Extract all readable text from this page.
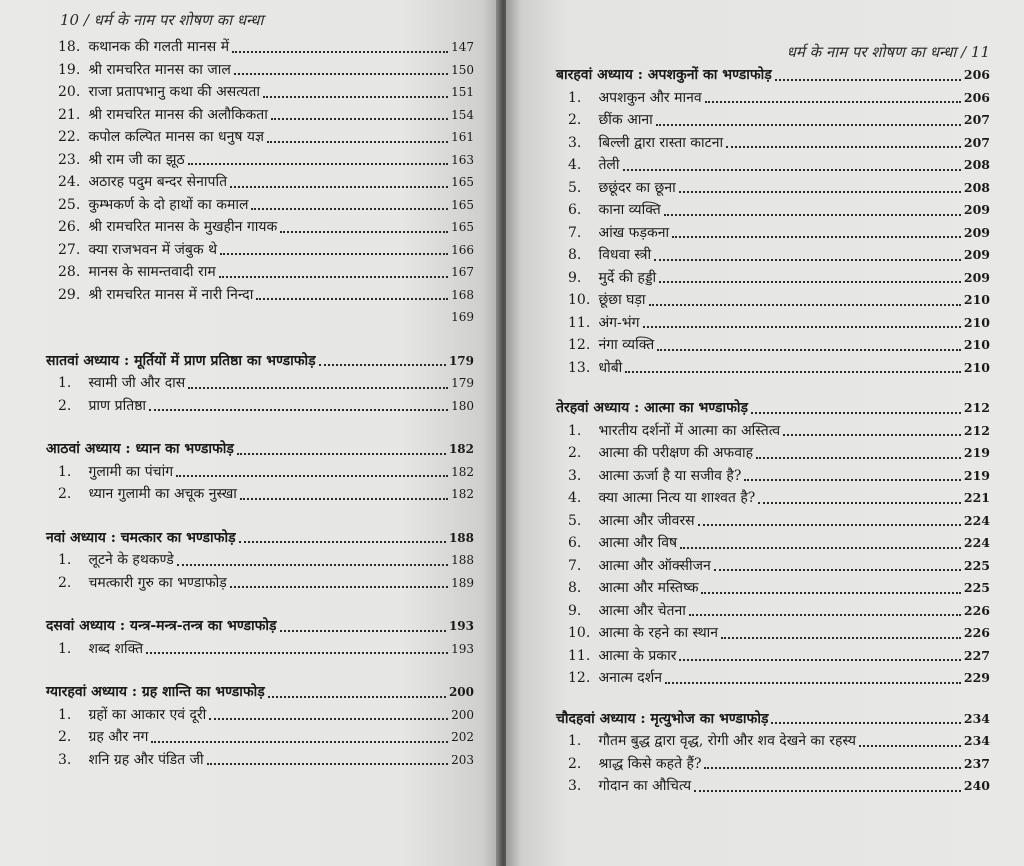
10 / धर्म के नाम पर शोषण का धन्धा
18. कथानक की गलती मानस में	147
19. श्री रामचरित मानस का जाल	150
20. राजा प्रतापभानु कथा की असत्यता	151
21. श्री रामचरित मानस की अलौकिकता	154
22. कपोल कल्पित मानस का धनुष यज्ञ	161
23. श्री राम जी का झूठ	163
24. अठारह पदुम बन्दर सेनापति	165
25. कुम्भकर्ण के दो हाथों का कमाल	165
26. श्री रामचरित मानस के मुखहीन गायक	165
27. क्या राजभवन में जंबुक थे	166
28. मानस के सामन्तवादी राम	167
29. श्री रामचरित मानस में नारी निन्दा	168
169
सातवां अध्याय : मूर्तियों में प्राण प्रतिष्ठा का भण्डाफोड़	179
1. स्वामी जी और दास	179
2. प्राण प्रतिष्ठा	180
आठवां अध्याय : ध्यान का भण्डाफोड़	182
1. गुलामी का पंचांग	182
2. ध्यान गुलामी का अचूक नुस्खा	182
नवां अध्याय : चमत्कार का भण्डाफोड़	188
1. लूटने के हथकण्डे	188
2. चमत्कारी गुरु का भण्डाफोड़	189
दसवां अध्याय : यन्त्र-मन्त्र-तन्त्र का भण्डाफोड़	193
1. शब्द शक्ति	193
ग्यारहवां अध्याय : ग्रह शान्ति का भण्डाफोड़	200
1. ग्रहों का आकार एवं दूरी	200
2. ग्रह और नग	202
3. शनि ग्रह और पंडित जी	203
धर्म के नाम पर शोषण का धन्धा / 11
बारहवां अध्याय : अपशकुनों का भण्डाफोड़	206
1. अपशकुन और मानव	206
2. छींक आना	207
3. बिल्ली द्वारा रास्ता काटना	207
4. तेली	208
5. छछूंदर का छूना	208
6. काना व्यक्ति	209
7. आंख फड़कना	209
8. विधवा स्त्री	209
9. मुर्दे की हड्डी	209
10. छूंछा घड़ा	210
11. अंग-भंग	210
12. नंगा व्यक्ति	210
13. धोबी	210
तेरहवां अध्याय : आत्मा का भण्डाफोड़	212
1. भारतीय दर्शनों में आत्मा का अस्तित्व	212
2. आत्मा की परीक्षण की अफवाह	219
3. आत्मा ऊर्जा है या सजीव है?	219
4. क्या आत्मा नित्य या शाश्वत है?	221
5. आत्मा और जीवरस	224
6. आत्मा और विष	224
7. आत्मा और ऑक्सीजन	225
8. आत्मा और मस्तिष्क	225
9. आत्मा और चेतना	226
10. आत्मा के रहने का स्थान	226
11. आत्मा के प्रकार	227
12. अनात्म दर्शन	229
चौदहवां अध्याय : मृत्युभोज का भण्डाफोड़	234
1. गौतम बुद्ध द्वारा वृद्ध, रोगी और शव देखने का रहस्य	234
2. श्राद्ध किसे कहते हैं?	237
3. गोदान का औचित्य	240
